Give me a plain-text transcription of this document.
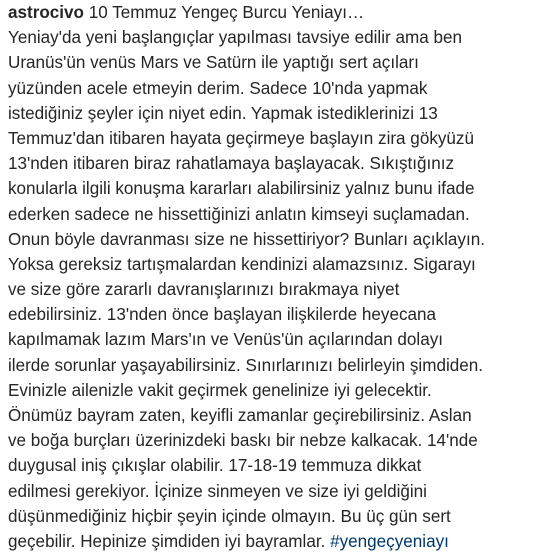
astrocivo 10 Temmuz Yengeç Burcu Yeniayı…
Yeniay'da yeni başlangıçlar yapılması tavsiye edilir ama ben
Uranüs'ün venüs Mars ve Satürn ile yaptığı sert açıları
yüzünden acele etmeyin derim. Sadece 10'nda yapmak
istediğiniz şeyler için niyet edin. Yapmak istediklerinizi 13
Temmuz'dan itibaren hayata geçirmeye başlayın zira gökyüzü
13'nden itibaren biraz rahatlamaya başlayacak. Sıkıştığınız
konularla ilgili konuşma kararları alabilirsiniz yalnız bunu ifade
ederken sadece ne hissettiğinizi anlatın kimseyi suçlamadan.
Onun böyle davranması size ne hissettiriyor? Bunları açıklayın.
Yoksa gereksiz tartışmalardan kendinizi alamazsınız. Sigarayı
ve size göre zararlı davranışlarınızı bırakmaya niyet
edebilirsiniz. 13'nden önce başlayan ilişkilerde heyecana
kapılmamak lazım Mars'ın ve Venüs'ün açılarından dolayı
ilerde sorunlar yaşayabilirsiniz. Sınırlarınızı belirleyin şimdiden.
Evinizle ailenizle vakit geçirmek genelinize iyi gelecektir.
Önümüz bayram zaten, keyifli zamanlar geçirebilirsiniz. Aslan
ve boğa burçları üzerinizdeki baskı bir nebze kalkacak. 14'nde
duygusal iniş çıkışlar olabilir. 17-18-19 temmuza dikkat
edilmesi gerekiyor. İçinize sinmeyen ve size iyi geldiğini
düşünmediğiniz hiçbir şeyin içinde olmayın. Bu üç gün sert
geçebilir. Hepinize şimdiden iyi bayramlar. #yengeçyeniayı
